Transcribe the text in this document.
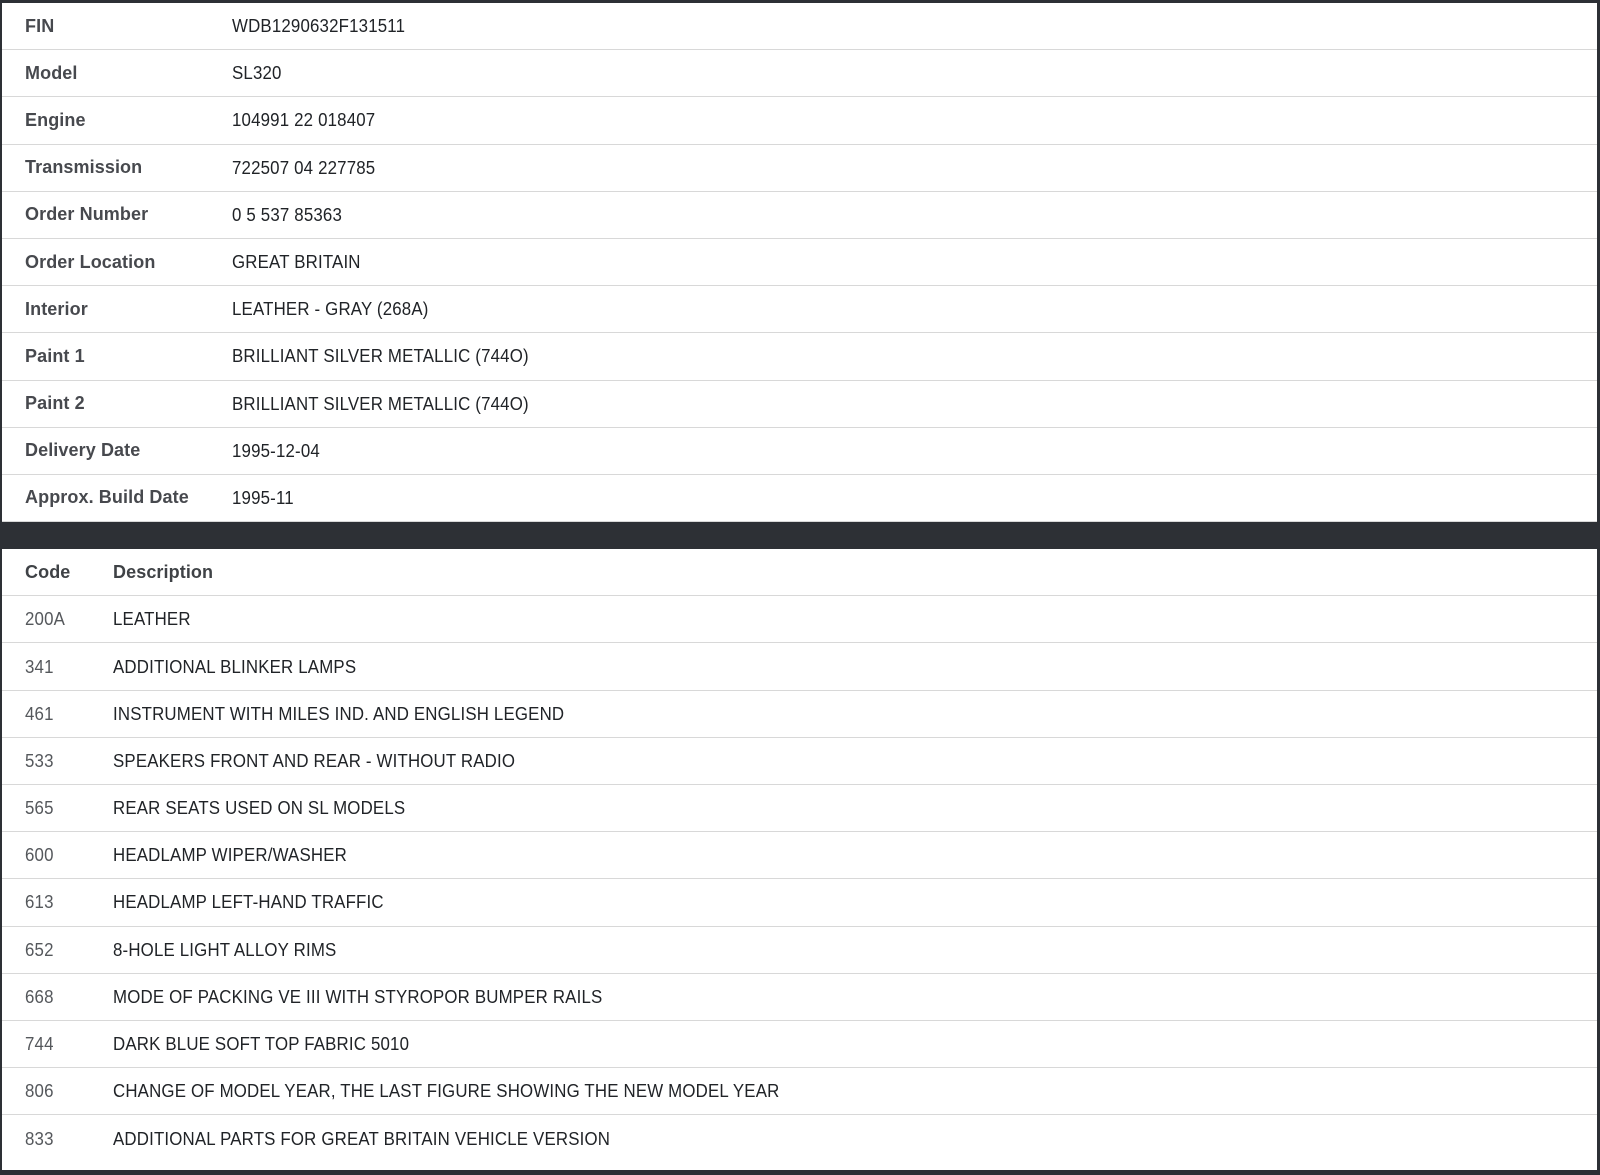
FIN	WDB1290632F131511
Model	SL320
Engine	104991 22 018407
Transmission	722507 04 227785
Order Number	0 5 537 85363
Order Location	GREAT BRITAIN
Interior	LEATHER - GRAY (268A)
Paint 1	BRILLIANT SILVER METALLIC (744O)
Paint 2	BRILLIANT SILVER METALLIC (744O)
Delivery Date	1995-12-04
Approx. Build Date	1995-11
Code	Description
200A	LEATHER
341	ADDITIONAL BLINKER LAMPS
461	INSTRUMENT WITH MILES IND. AND ENGLISH LEGEND
533	SPEAKERS FRONT AND REAR - WITHOUT RADIO
565	REAR SEATS USED ON SL MODELS
600	HEADLAMP WIPER/WASHER
613	HEADLAMP LEFT-HAND TRAFFIC
652	8-HOLE LIGHT ALLOY RIMS
668	MODE OF PACKING VE III WITH STYROPOR BUMPER RAILS
744	DARK BLUE SOFT TOP FABRIC 5010
806	CHANGE OF MODEL YEAR, THE LAST FIGURE SHOWING THE NEW MODEL YEAR
833	ADDITIONAL PARTS FOR GREAT BRITAIN VEHICLE VERSION
